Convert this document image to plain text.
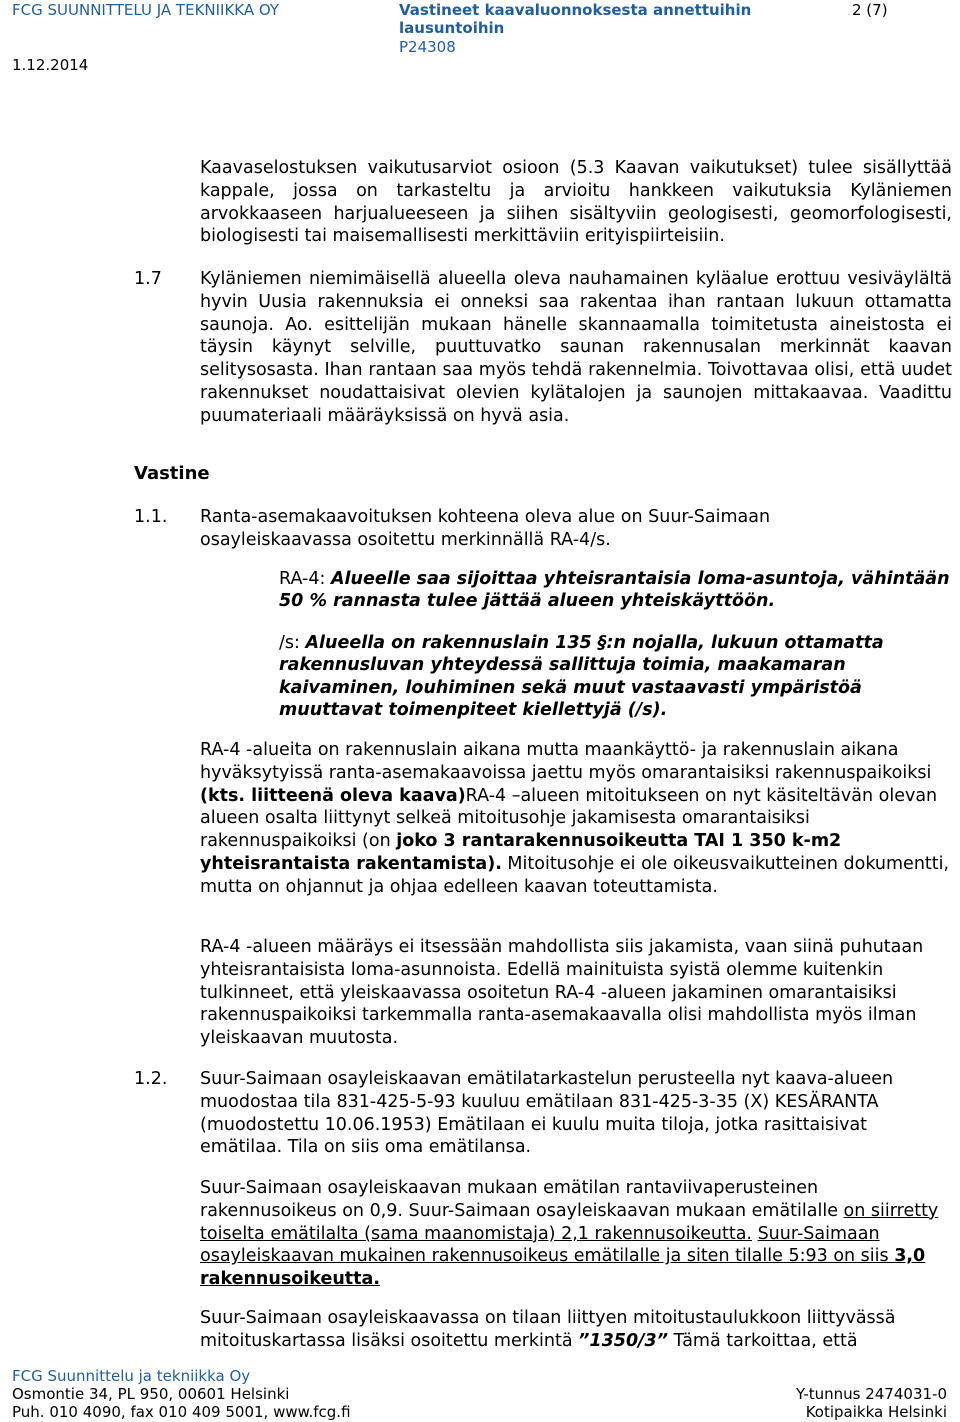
FCG SUUNNITTELU JA TEKNIIKKA OY
1.12.2014
Vastineet kaavaluonnoksesta annettuihin
lausuntoihin
P24308
2 (7)
Kaavaselostuksen vaikutusarviot osioon (5.3 Kaavan vaikutukset) tulee sisällyttää kappale, jossa on tarkasteltu ja arvioitu hankkeen vaikutuksia Kyläniemen arvokkaaseen harjualueeseen ja siihen sisältyviin geologisesti, geomorfologisesti, biologisesti tai maisemallisesti merkittäviin erityispiirteisiin.
1.7 Kyläniemen niemimäisellä alueella oleva nauhamainen kyläalue erottuu vesiväylältä hyvin Uusia rakennuksia ei onneksi saa rakentaa ihan rantaan lukuun ottamatta saunoja. Ao. esittelijän mukaan hänelle skannaamalla toimitetusta aineistosta ei täysin käynyt selville, puuttuvatko saunan rakennusalan merkinnät kaavan selitysosasta. Ihan rantaan saa myös tehdä rakennelmia. Toivottavaa olisi, että uudet rakennukset noudattaisivat olevien kylätalojen ja saunojen mittakaavaa. Vaadittu puumateriaali määräyksissä on hyvä asia.
Vastine
1.1. Ranta-asemakaavoituksen kohteena oleva alue on Suur-Saimaan osayleiskaavassa osoitettu merkinnällä RA-4/s.
RA-4: Alueelle saa sijoittaa yhteisrantaisia loma-asuntoja, vähintään 50 % rannasta tulee jättää alueen yhteiskäyttöön.
/s: Alueella on rakennuslain 135 §:n nojalla, lukuun ottamatta rakennusluvan yhteydessä sallittuja toimia, maakamaran kaivaminen, louhiminen sekä muut vastaavasti ympäristöä muuttavat toimenpiteet kiellettyjä (/s).
RA-4 -alueita on rakennuslain aikana mutta maankäyttö- ja rakennuslain aikana hyväksytyissä ranta-asemakaavoissa jaettu myös omarantaisiksi rakennuspaikoiksi (kts. liitteenä oleva kaava)RA-4 –alueen mitoitukseen on nyt käsiteltävän olevan alueen osalta liittynyt selkeä mitoitusohje jakamisesta omarantaisiksi rakennuspaikoiksi (on joko 3 rantarakennusoikeutta TAI 1 350 k-m2 yhteisrantaista rakentamista). Mitoitusohje ei ole oikeusvaikutteinen dokumentti, mutta on ohjannut ja ohjaa edelleen kaavan toteuttamista.
RA-4 -alueen määräys ei itsessään mahdollista siis jakamista, vaan siinä puhutaan yhteisrantaisista loma-asunnoista. Edellä mainituista syistä olemme kuitenkin tulkinneet, että yleiskaavassa osoitetun RA-4 -alueen jakaminen omarantaisiksi rakennuspaikoiksi tarkemmalla ranta-asemakaavalla olisi mahdollista myös ilman yleiskaavan muutosta.
1.2. Suur-Saimaan osayleiskaavan emätilatarkastelun perusteella nyt kaava-alueen muodostaa tila 831-425-5-93 kuuluu emätilaan 831-425-3-35 (X) KESÄRANTA (muodostettu 10.06.1953) Emätilaan ei kuulu muita tiloja, jotka rasittaisivat emätilaa. Tila on siis oma emätilansa.
Suur-Saimaan osayleiskaavan mukaan emätilan rantaviivaperusteinen rakennusoikeus on 0,9. Suur-Saimaan osayleiskaavan mukaan emätilalle on siirretty toiselta emätilalta (sama maanomistaja) 2,1 rakennusoikeutta. Suur-Saimaan osayleiskaavan mukainen rakennusoikeus emätilalle ja siten tilalle 5:93 on siis 3,0 rakennusoikeutta.
Suur-Saimaan osayleiskaavassa on tilaan liittyen mitoitustaulukkoon liittyvässä mitoituskartassa lisäksi osoitettu merkintä ”1350/3” Tämä tarkoittaa, että
FCG Suunnittelu ja tekniikka Oy
Osmontie 34, PL 950, 00601 Helsinki
Puh. 010 4090, fax 010 409 5001, www.fcg.fi
Y-tunnus 2474031-0
Kotipaikka Helsinki
